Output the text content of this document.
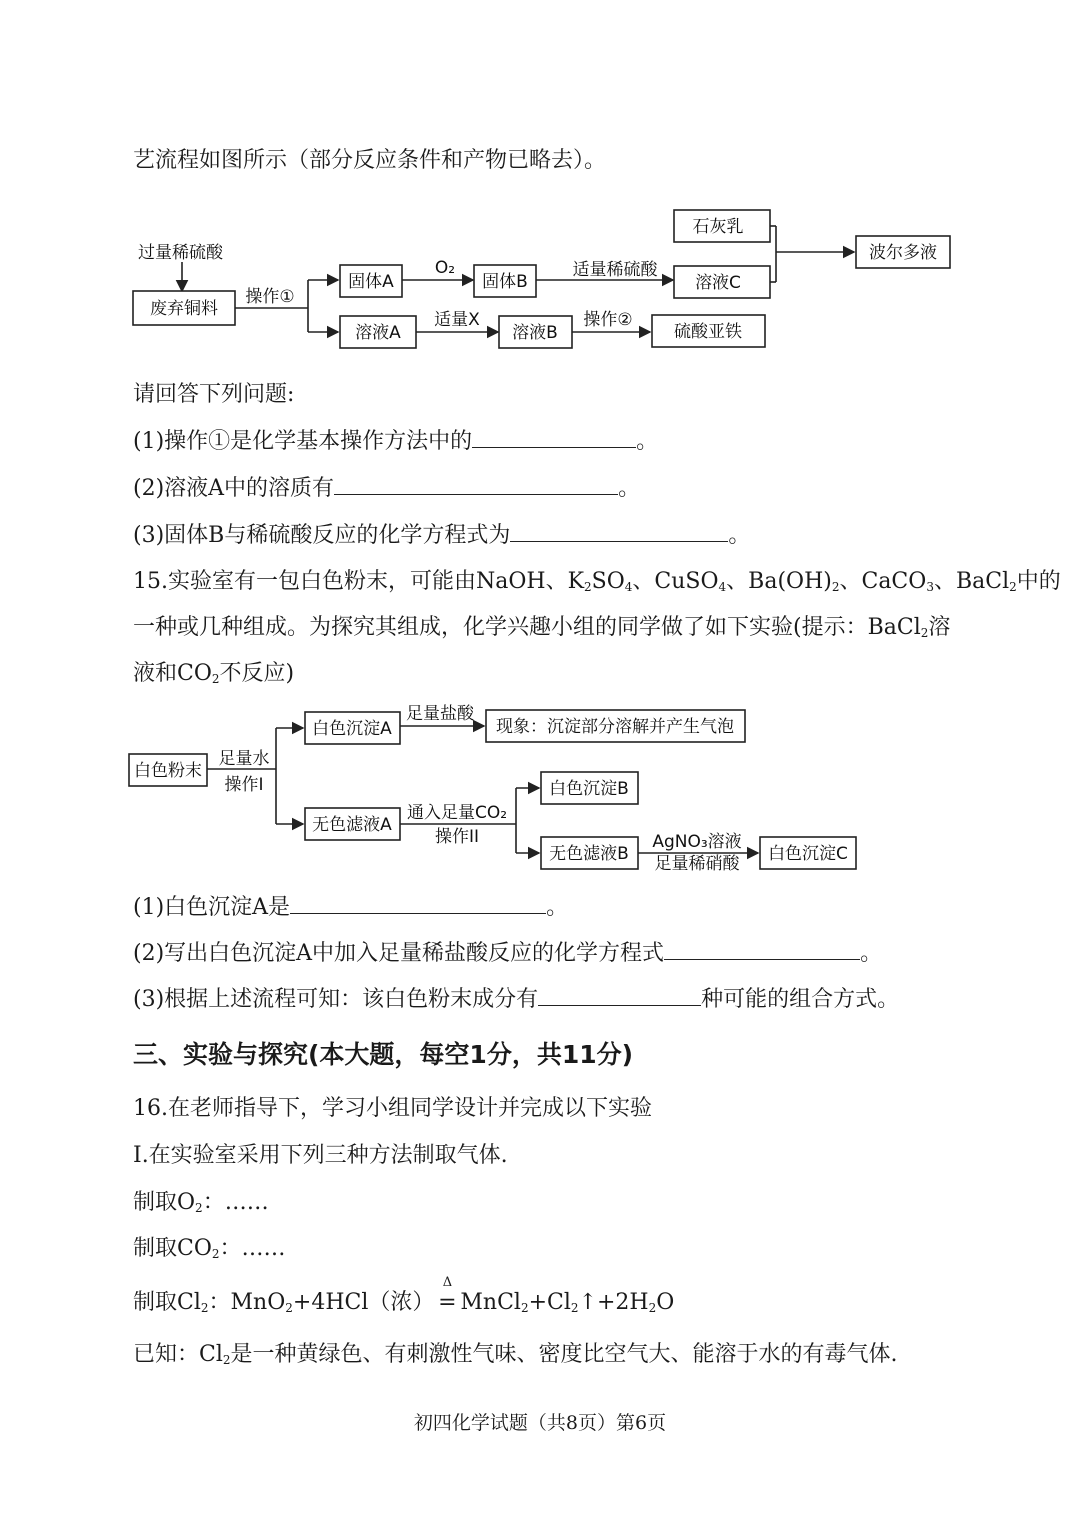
艺流程如图所示（部分反应条件和产物已略去）。
过量稀硫酸
废弃铜料
操作①
固体A
O₂
固体B
适量稀硫酸
溶液C
石灰乳
波尔多液
溶液A
适量X
溶液B
操作②
硫酸亚铁
请回答下列问题:
(1)操作①是化学基本操作方法中的	。
(2)溶液A中的溶质有	。
(3)固体B与稀硫酸反应的化学方程式为	。
15.实验室有一包白色粉末，可能由NaOH、$K_2SO_4$、CuSO$_4$、$Ba(OH)_2$、CaCO$_3$、BaCl$_2$中的
一种或几种组成。为探究其组成，化学兴趣小组的同学做了如下实验(提示：BaCl$_2$溶
液和$CO_2$不反应)
白色粉末
足量水
操作I
白色沉淀A
足量盐酸
现象：沉淀部分溶解并产生气泡
无色滤液A
通入足量CO₂
操作II
白色沉淀B
无色滤液B
AgNO₃溶液
足量稀硝酸 白色沉淀C
(1)白色沉淀A是	。
(2)写出白色沉淀A中加入足量稀盐酸反应的化学方程式	。
(3)根据上述流程可知：该白色粉末成分有	种可能的组合方式。
三、实验与探究(本大题，每空1分，共11分)
16.在老师指导下，学习小组同学设计并完成以下实验
Ⅰ.在实验室采用下列三种方法制取气体.
制取$O_2$：……
制取$CO_2$：……
制取$Cl_2$：MnO$_2$+4HCl（浓）
Δ
= $MnCl_2+Cl_2↑+2H_2O$
已知：$Cl_2$是一种黄绿色、有刺激性气味、密度比空气大、能溶于水的有毒气体.
初四化学试题（共8页）第6页
